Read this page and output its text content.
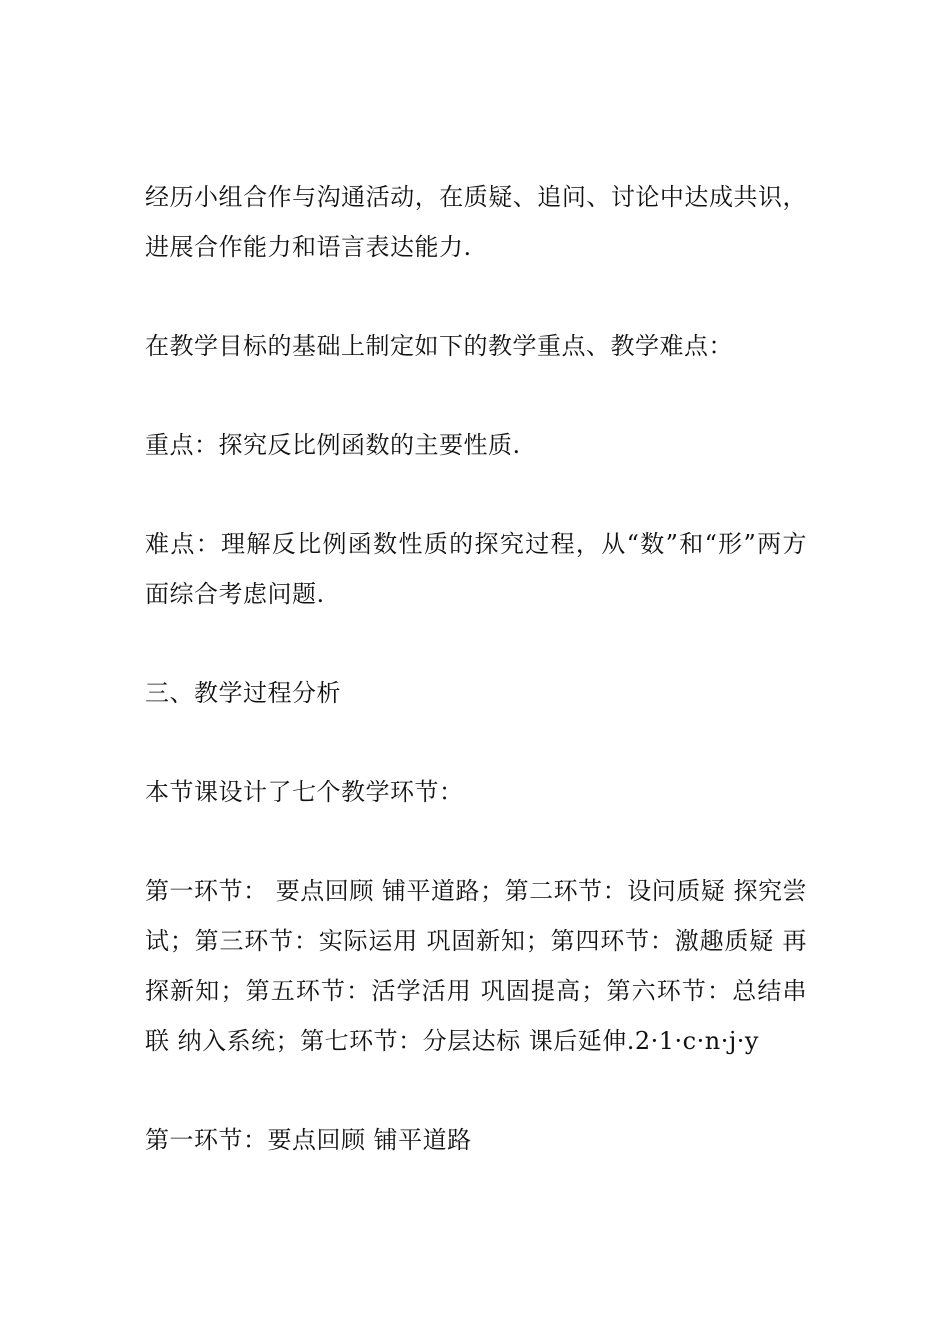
经历小组合作与沟通活动，在质疑、追问、讨论中达成共识，进展合作能力和语言表达能力.

在教学目标的基础上制定如下的教学重点、教学难点：

重点：探究反比例函数的主要性质.

难点：理解反比例函数性质的探究过程，从“数”和“形”两方面综合考虑问题.

三、教学过程分析

本节课设计了七个教学环节：

第一环节： 要点回顾 铺平道路；第二环节：设问质疑 探究尝试；第三环节：实际运用 巩固新知；第四环节：激趣质疑 再探新知；第五环节：活学活用 巩固提高；第六环节：总结串联 纳入系统；第七环节：分层达标 课后延伸.2·1·c·n·j·y

第一环节：要点回顾 铺平道路
